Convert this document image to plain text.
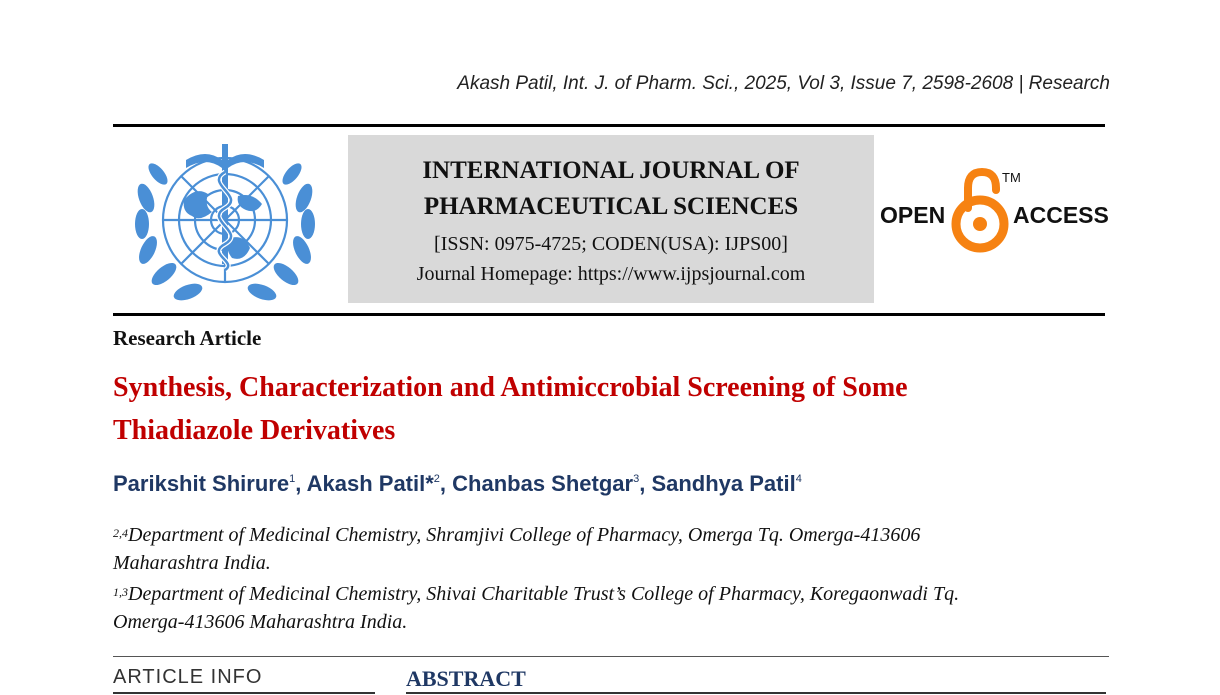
Akash Patil, Int. J. of Pharm. Sci., 2025, Vol 3, Issue 7, 2598-2608 | Research
INTERNATIONAL JOURNAL OF
PHARMACEUTICAL SCIENCES
[ISSN: 0975-4725; CODEN(USA): IJPS00]
Journal Homepage: https://www.ijpsjournal.com
OPEN	ACCESS
TM
Research Article
Synthesis, Characterization and Antimiccrobial Screening of Some
Thiadiazole Derivatives
Parikshit Shirure$^1$, Akash Patil*$^2$, Chanbas Shetgar$^3$, Sandhya Patil$^4$
$^{2,4}$Department of Medicinal Chemistry, Shramjivi College of Pharmacy, Omerga Tq. Omerga-413606
Maharashtra India.
$^{1,3}$Department of Medicinal Chemistry, Shivai Charitable Trust’s College of Pharmacy, Koregaonwadi Tq.
Omerga-413606 Maharashtra India.
ARTICLE INFO	ABSTRACT
